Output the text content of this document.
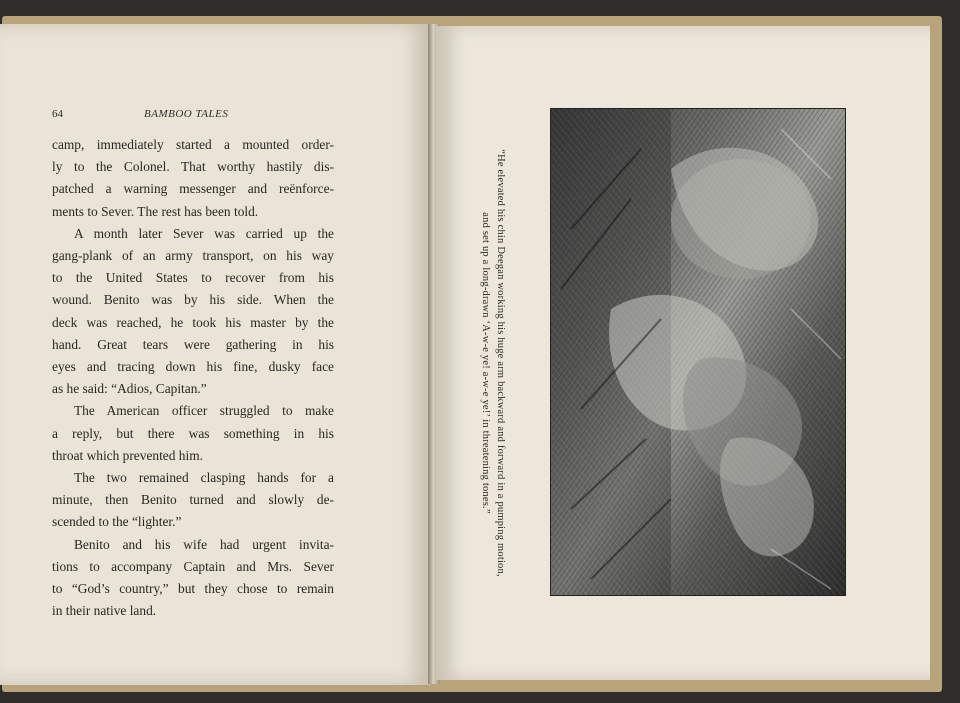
64	BAMBOO TALES
camp, immediately started a mounted order-
ly to the Colonel. That worthy hastily dis-
patched a warning messenger and reënforce-
ments to Sever. The rest has been told.
A month later Sever was carried up the
gang-plank of an army transport, on his way
to the United States to recover from his
wound. Benito was by his side. When the
deck was reached, he took his master by the
hand. Great tears were gathering in his
eyes and tracing down his fine, dusky face
as he said: “Adios, Capitan.”
The American officer struggled to make
a reply, but there was something in his
throat which prevented him.
The two remained clasping hands for a
minute, then Benito turned and slowly de-
scended to the “lighter.”
Benito and his wife had urgent invita-
tions to accompany Captain and Mrs. Sever
to “God’s country,” but they chose to remain
in their native land.
“He elevated his chin Deegan working his huge arm backward and forward in a pumping motion,
and set up a long-drawn ‘A-w-e ye! a-w-e ye!’ in threatening tones.”
